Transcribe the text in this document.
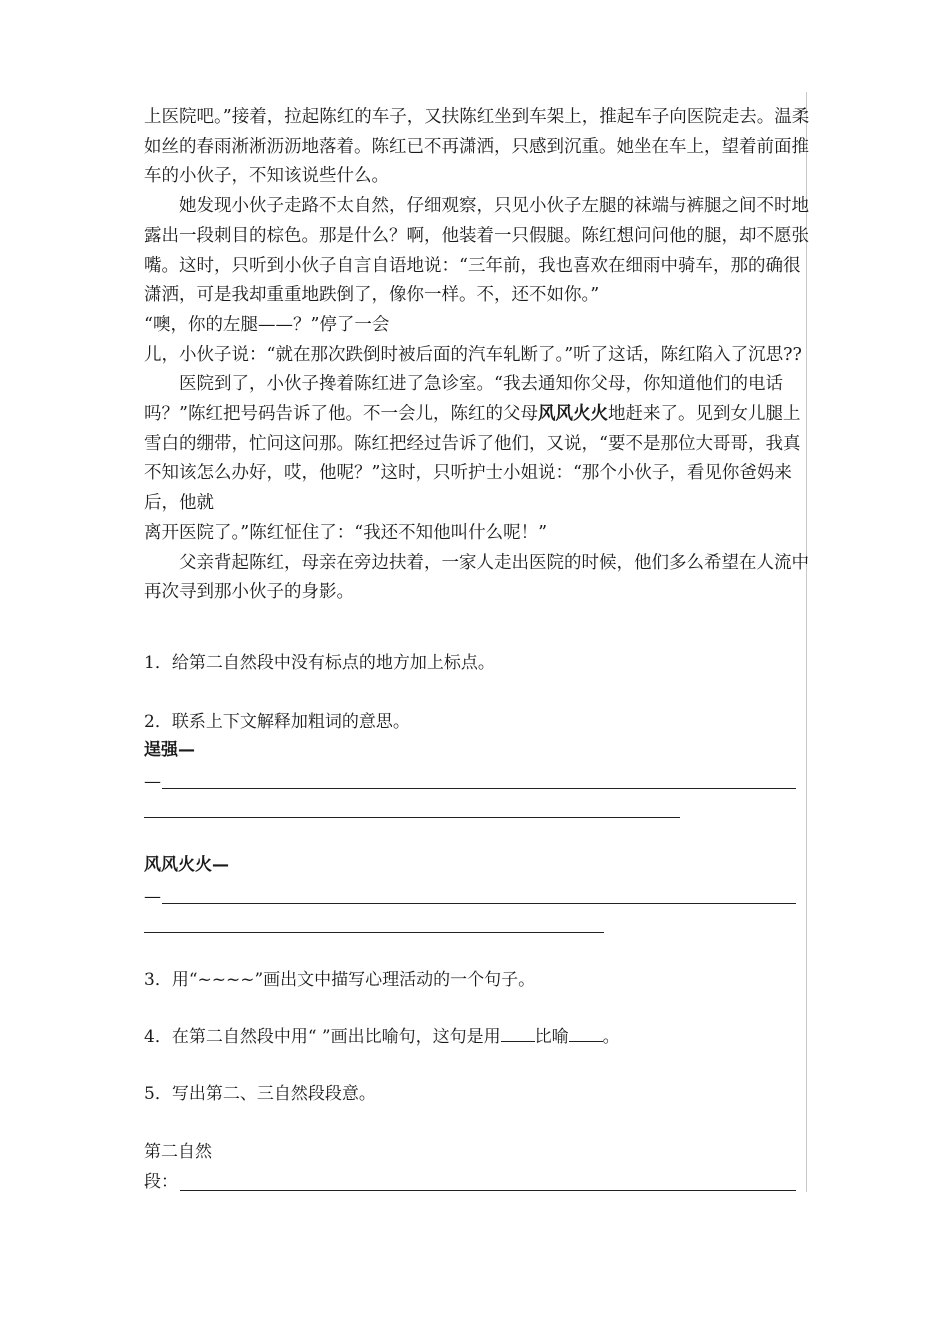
上医院吧。”接着，拉起陈红的车子，又扶陈红坐到车架上，推起车子向医院走去。温柔如丝的春雨淅淅沥沥地落着。陈红已不再潇洒，只感到沉重。她坐在车上，望着前面推车的小伙子，不知该说些什么。

她发现小伙子走路不太自然，仔细观察，只见小伙子左腿的袜端与裤腿之间不时地露出一段刺目的棕色。那是什么？啊，他装着一只假腿。陈红想问问他的腿，却不愿张嘴。这时，只听到小伙子自言自语地说：“三年前，我也喜欢在细雨中骑车，那的确很潇洒，可是我却重重地跌倒了，像你一样。不，还不如你。”

“噢，你的左腿——？”停了一会

儿，小伙子说：“就在那次跌倒时被后面的汽车轧断了。”听了这话，陈红陷入了沉思??

医院到了，小伙子搀着陈红进了急诊室。“我去通知你父母，你知道他们的电话吗？”陈红把号码告诉了他。不一会儿，陈红的父母风风火火地赶来了。见到女儿腿上雪白的绷带，忙问这问那。陈红把经过告诉了他们，又说，“要不是那位大哥哥，我真不知该怎么办好，哎，他呢？”这时，只听护士小姐说：“那个小伙子，看见你爸妈来后，他就

离开医院了。”陈红怔住了：“我还不知他叫什么呢！”

父亲背起陈红，母亲在旁边扶着，一家人走出医院的时候，他们多么希望在人流中再次寻到那小伙子的身影。

1．给第二自然段中没有标点的地方加上标点。
2．联系上下文解释加粗词的意思。
逞强—
—
风风火火—
—
3．用“~~~~”画出文中描写心理活动的一个句子。
4．在第二自然段中用“ ”画出比喻句，这句是用 比喻 。
5．写出第二、三自然段段意。
第二自然
段：
